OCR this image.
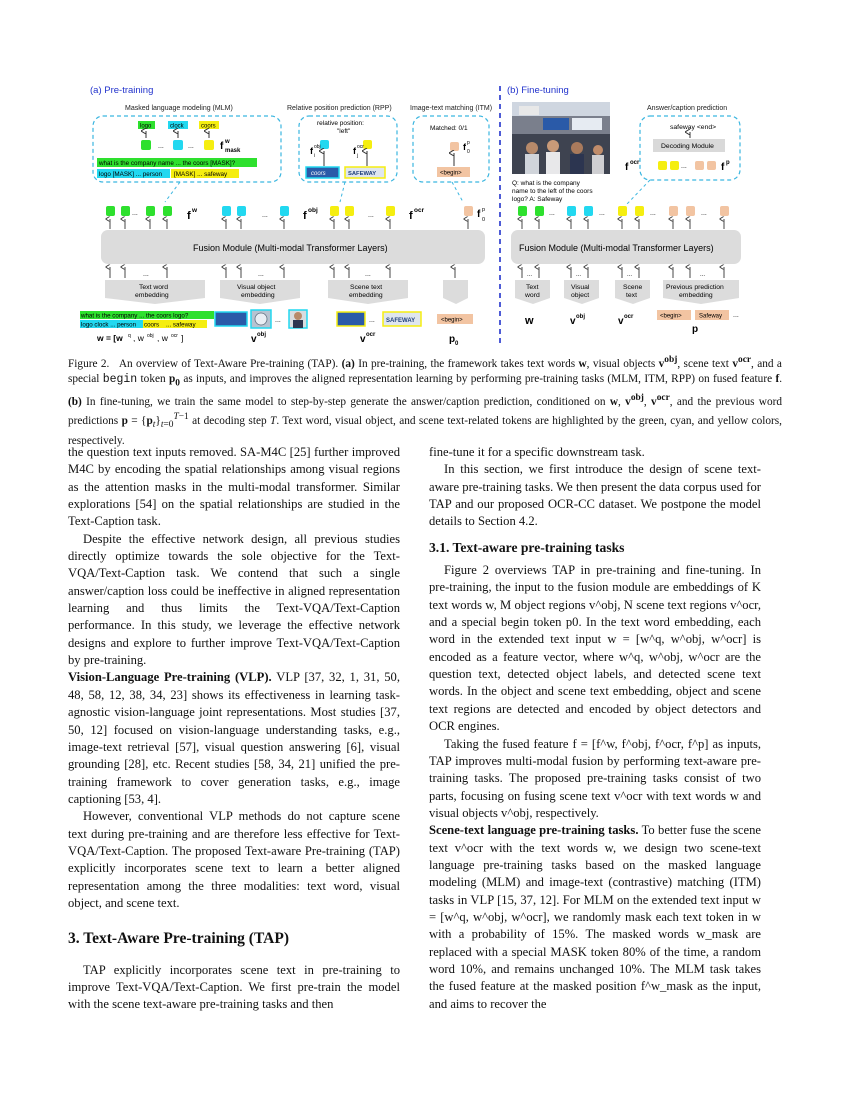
(a) Pre-training	(b) Fine-tuning
Masked language modeling (MLM)	Relative position prediction (RPP)	Image-text matching (ITM)	Answer/caption prediction
logo	clock	coors
...	...	f w
mask
what is the company name ... the coors [MASK]?
logo [MASK] ... person [MASK] ... safeway
relative position:
"left"
f obj
i	f ocr
j
coors	SAFEWAY
Matched: 0/1
f p
0
<begin>
Q: what is the company
name to the left of the coors
logo? A: Safeway
safeway <end>
Decoding Module
...
f ocr	f p
...	...	...
f w	f obj	f ocr	f p
0
Fusion Module (Multi-modal Transformer Layers)	Fusion Module (Multi-modal Transformer Layers)
...	...	...	...
...	...	...
Text word
embedding
Visual object
embedding
Scene text
embedding
what is the company ... the coors logo?
logo clock ... person coors ... safeway
w = [w q , w obj , w ocr ]
...
v obj
... SAFEWAY
v ocr
<begin>
p 0
...	...	...	...
Text
word
Visual
object
Scene
text
Previous prediction
embedding
w	v obj	v ocr	<begin>	Safeway ...
p
Figure 2. An overview of Text-Aware Pre-training (TAP). (a) In pre-training, the framework takes text words w, visual objects $v^{obj}$, scene text $v^{ocr}$, and a special begin token $p_0$ as inputs, and improves the aligned representation learning by performing pre-training tasks (MLM, ITM, RPP) on fused feature f. (b) In fine-tuning, we train the same model to step-by-step generate the answer/caption prediction, conditioned on w, $v^{obj}$, $v^{ocr}$, and the previous word predictions $p = \{p_t\}_{t=0}^{T-1}$ at decoding step T. Text word, visual object, and scene text-related tokens are highlighted by the green, cyan, and yellow colors, respectively.

the question text inputs removed. SA-M4C [25] further improved M4C by encoding the spatial relationships among visual regions as the attention masks in the multi-modal transformer. Similar explorations [54] on the spatial relationships are studied in the Text-Caption task.

Despite the effective network design, all previous studies directly optimize towards the sole objective for the Text-VQA/Text-Caption task. We contend that such a single answer/caption loss could be ineffective in aligned representation learning and thus limits the Text-VQA/Text-Caption performance. In this study, we leverage the effective network designs and explore to further improve Text-VQA/Text-Caption by pre-training.

Vision-Language Pre-training (VLP). VLP [37, 32, 1, 31, 50, 48, 58, 12, 38, 34, 23] shows its effectiveness in learning task-agnostic vision-language joint representations. Most studies [37, 50, 12] focused on vision-language understanding tasks, e.g., image-text retrieval [57], visual question answering [6], visual grounding [28], etc. Recent studies [58, 34, 21] unified the pre-training framework to cover generation tasks, e.g., image captioning [53, 4].

However, conventional VLP methods do not capture scene text during pre-training and are therefore less effective for Text-VQA/Text-Caption. The proposed Text-aware Pre-training (TAP) explicitly incorporates scene text to learn a better aligned representation among the three modalities: text word, visual object, and scene text.

3. Text-Aware Pre-training (TAP)

TAP explicitly incorporates scene text in pre-training to improve Text-VQA/Text-Caption. We first pre-train the model with the scene text-aware pre-training tasks and then

fine-tune it for a specific downstream task.

In this section, we first introduce the design of scene text-aware pre-training tasks. We then present the data corpus used for TAP and our proposed OCR-CC dataset. We postpone the model details to Section 4.2.

3.1. Text-aware pre-training tasks

Figure 2 overviews TAP in pre-training and fine-tuning. In pre-training, the input to the fusion module are embeddings of K text words w, M object regions v^obj, N scene text regions v^ocr, and a special begin token p0. In the text word embedding, each word in the extended text input w = [w^q, w^obj, w^ocr] is encoded as a feature vector, where w^q, w^obj, w^ocr are the question text, detected object labels, and detected scene text words. In the object and scene text embedding, object and scene text regions are detected and encoded by object detectors and OCR engines.

Taking the fused feature f = [f^w, f^obj, f^ocr, f^p] as inputs, TAP improves multi-modal fusion by performing text-aware pre-training tasks. The proposed pre-training tasks consist of two parts, focusing on fusing scene text v^ocr with text words w and visual objects v^obj, respectively.

Scene-text language pre-training tasks. To better fuse the scene text v^ocr with the text words w, we design two scene-text language pre-training tasks based on the masked language modeling (MLM) and image-text (contrastive) matching (ITM) tasks in VLP [15, 37, 12]. For MLM on the extended text input w = [w^q, w^obj, w^ocr], we randomly mask each text token in w with a probability of 15%. The masked words w_mask are replaced with a special MASK token 80% of the time, a random word 10%, and remains unchanged 10%. The MLM task takes the fused feature at the masked position f^w_mask as the input, and aims to recover the
